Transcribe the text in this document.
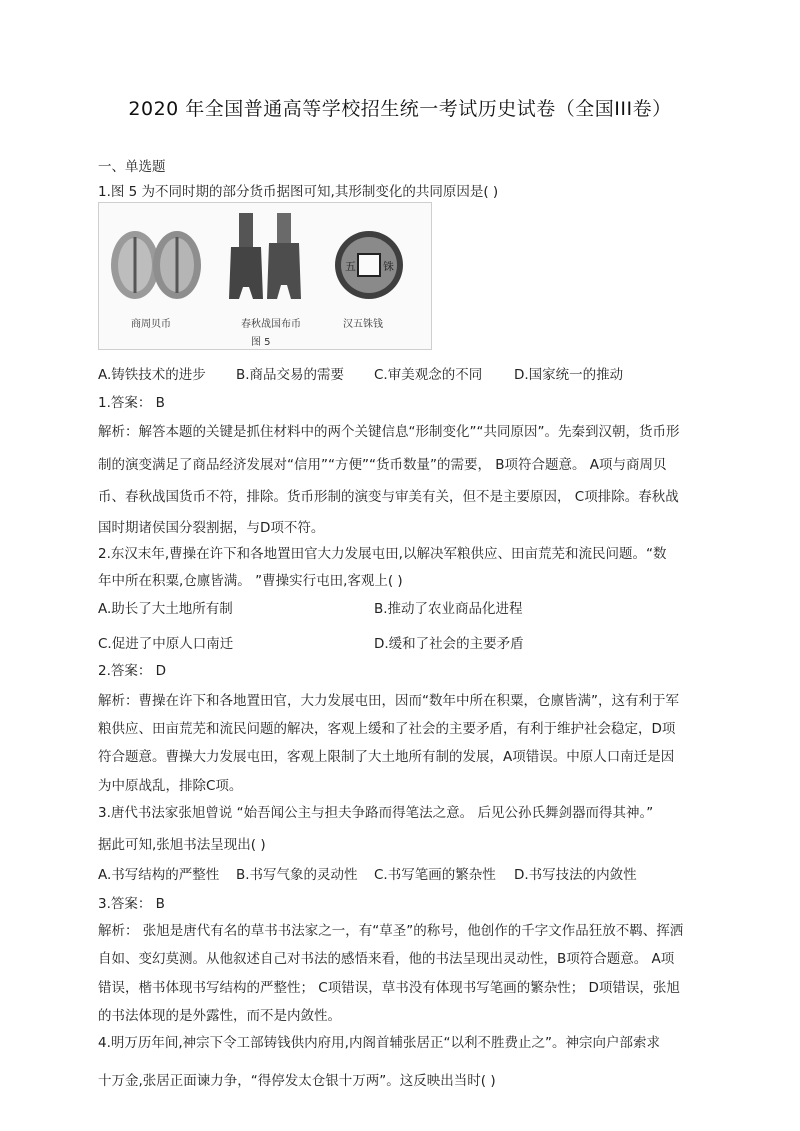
2020 年全国普通高等学校招生统一考试历史试卷（全国III卷）
一、单选题
1.图 5 为不同时期的部分货币据图可知,其形制变化的共同原因是( )
五 铢
商周贝币	春秋战国布币	汉五铢钱
图 5
A.铸铁技术的进步 B.商品交易的需要 C.审美观念的不同 D.国家统一的推动
1.答案： B
解析：解答本题的关键是抓住材料中的两个关键信息“形制变化”“共同原因”。先秦到汉朝，货币形
制的演变满足了商品经济发展对“信用”“方便”“货币数量”的需要， B项符合题意。 A项与商周贝
币、春秋战国货币不符，排除。货币形制的演变与审美有关，但不是主要原因， C项排除。春秋战
国时期诸侯国分裂割据，与D项不符。
2.东汉末年,曹操在许下和各地置田官大力发展屯田,以解决军粮供应、田亩荒芜和流民问题。“数
年中所在积粟,仓廪皆满。 ”曹操实行屯田,客观上( )
A.助长了大土地所有制	B.推动了农业商品化进程
C.促进了中原人口南迁	D.缓和了社会的主要矛盾
2.答案： D
解析：曹操在许下和各地置田官，大力发展屯田，因而“数年中所在积粟，仓廪皆满”，这有利于军
粮供应、田亩荒芜和流民问题的解决，客观上缓和了社会的主要矛盾，有利于维护社会稳定，D项
符合题意。曹操大力发展屯田，客观上限制了大土地所有制的发展，A项错误。中原人口南迁是因
为中原战乱，排除C项。
3.唐代书法家张旭曾说 “始吾闻公主与担夫争路而得笔法之意。 后见公孙氏舞剑器而得其神。”
据此可知,张旭书法呈现出( )
A.书写结构的严整性 B.书写气象的灵动性 C.书写笔画的繁杂性 D.书写技法的内敛性
3.答案： B
解析： 张旭是唐代有名的草书书法家之一，有“草圣”的称号，他创作的千字文作品狂放不羁、挥洒
自如、变幻莫测。从他叙述自己对书法的感悟来看，他的书法呈现出灵动性，B项符合题意。 A项
错误，楷书体现书写结构的严整性； C项错误，草书没有体现书写笔画的繁杂性； D项错误，张旭
的书法体现的是外露性，而不是内敛性。
4.明万历年间,神宗下令工部铸钱供内府用,内阁首辅张居正“以利不胜费止之”。神宗向户部索求
十万金,张居正面谏力争，“得停发太仓银十万两”。这反映出当时( )
